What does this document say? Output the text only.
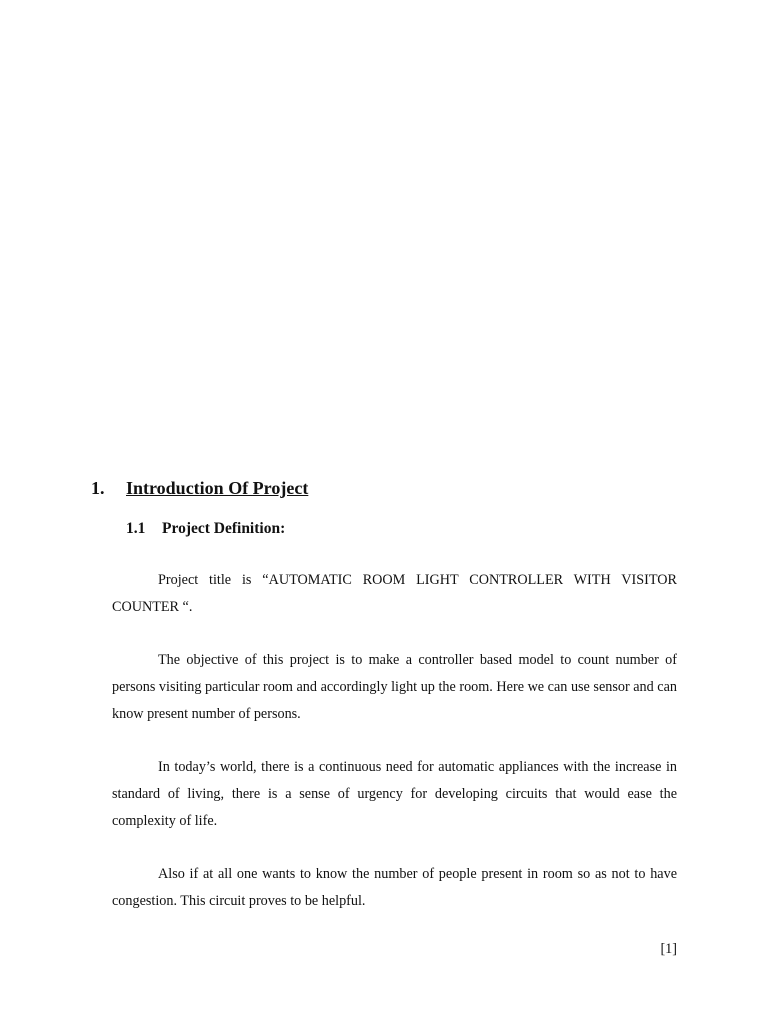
1. Introduction Of Project
1.1 Project Definition:

Project title is “AUTOMATIC ROOM LIGHT CONTROLLER WITH VISITOR COUNTER “.

The objective of this project is to make a controller based model to count number of persons visiting particular room and accordingly light up the room. Here we can use sensor and can know present number of persons.

In today’s world, there is a continuous need for automatic appliances with the increase in standard of living, there is a sense of urgency for developing circuits that would ease the complexity of life.

Also if at all one wants to know the number of people present in room so as not to have congestion. This circuit proves to be helpful.

[1]
